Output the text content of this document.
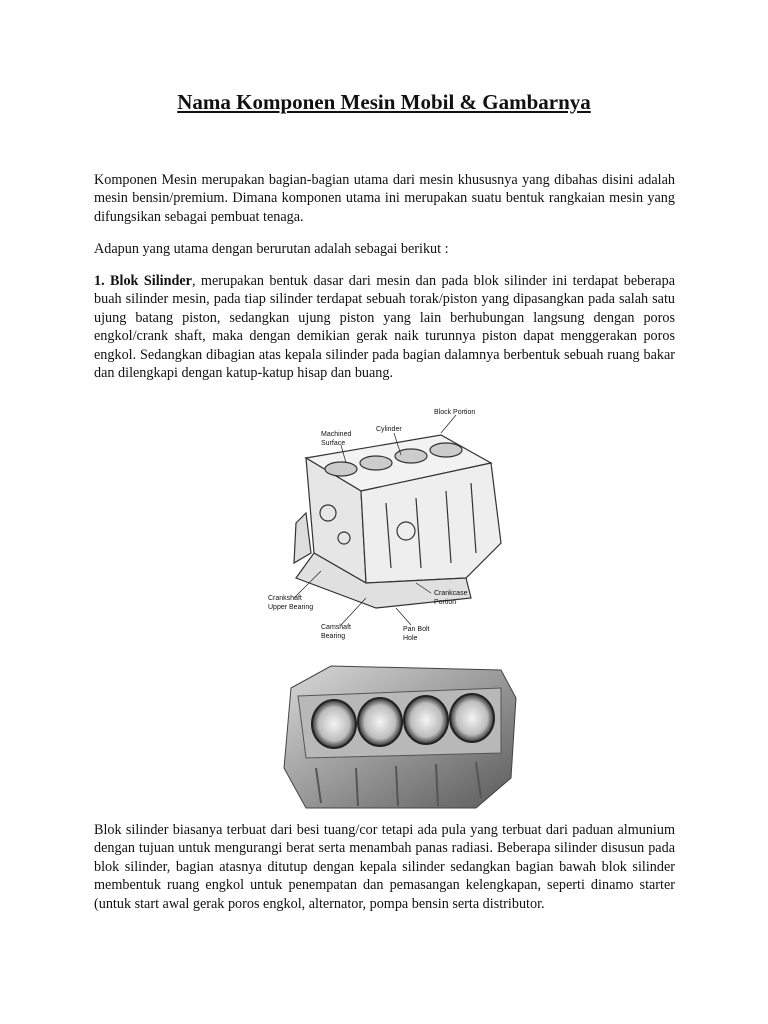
Nama Komponen Mesin Mobil & Gambarnya

Komponen Mesin merupakan bagian-bagian utama dari mesin khususnya yang dibahas disini adalah mesin bensin/premium. Dimana komponen utama ini merupakan suatu bentuk rangkaian mesin yang difungsikan sebagai pembuat tenaga.

Adapun yang utama dengan berurutan adalah sebagai berikut :

1. Blok Silinder, merupakan bentuk dasar dari mesin dan pada blok silinder ini terdapat beberapa buah silinder mesin, pada tiap silinder terdapat sebuah torak/piston yang dipasangkan pada salah satu ujung batang piston, sedangkan ujung piston yang lain berhubungan langsung dengan poros engkol/crank shaft, maka dengan demikian gerak naik turunnya piston dapat menggerakan poros engkol. Sedangkan dibagian atas kepala silinder pada bagian dalamnya berbentuk sebuah ruang bakar dan dilengkapi dengan katup-katup hisap dan buang.

Block Portion
Cylinder
Machined
Surface
Crankshaft
Upper Bearing
Crankcase
Portion
Camshaft
Bearing
Pan Bolt
Hole

Blok silinder biasanya terbuat dari besi tuang/cor tetapi ada pula yang terbuat dari paduan almunium dengan tujuan untuk mengurangi berat serta menambah panas radiasi. Beberapa silinder disusun pada blok silinder, bagian atasnya ditutup dengan kepala silinder sedangkan bagian bawah blok silinder membentuk ruang engkol untuk penempatan dan pemasangan kelengkapan, seperti dinamo starter (untuk start awal gerak poros engkol, alternator, pompa bensin serta distributor.
